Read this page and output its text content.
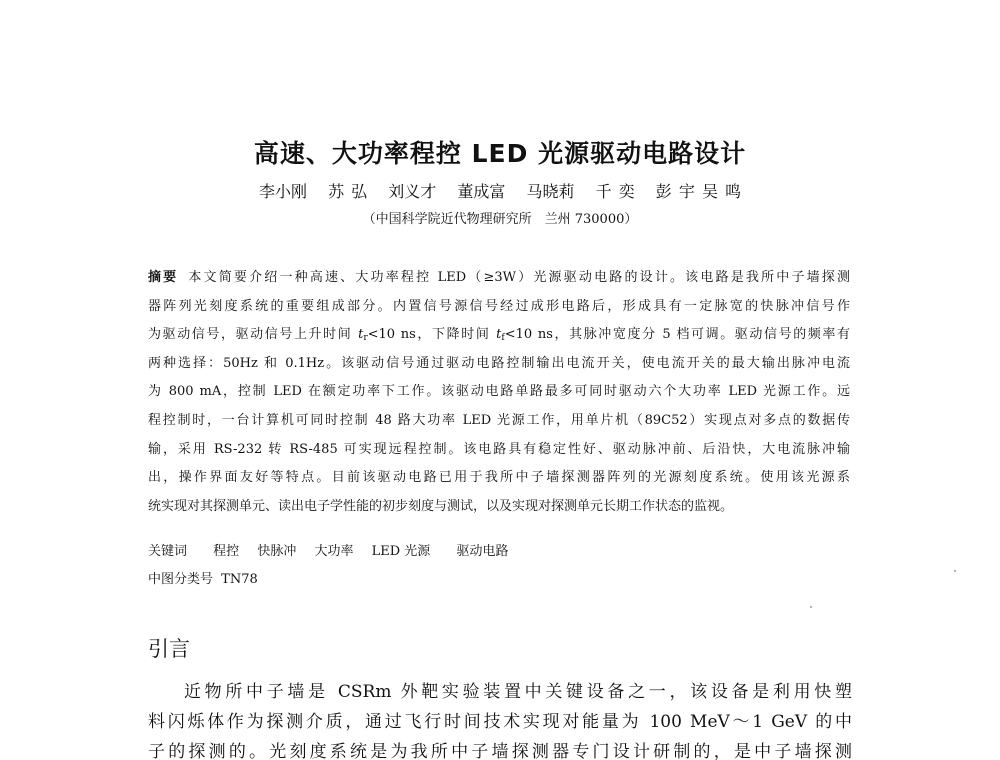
高速、大功率程控 LED 光源驱动电路设计
李小刚 苏 弘 刘义才 董成富 马晓莉 千 奕 彭 宇 吴 鸣
（中国科学院近代物理研究所　兰州 730000）
摘要 本文简要介绍一种高速、大功率程控 LED（≥3W）光源驱动电路的设计。该电路是我所中子墙探测
器阵列光刻度系统的重要组成部分。内置信号源信号经过成形电路后，形成具有一定脉宽的快脉冲信号作
为驱动信号，驱动信号上升时间 $t_r<10$ ns，下降时间 $t_f<10$ ns，其脉冲宽度分 5 档可调。驱动信号的频率有
两种选择：50Hz 和 0.1Hz。该驱动信号通过驱动电路控制输出电流开关，使电流开关的最大输出脉冲电流
为 800 mA，控制 LED 在额定功率下工作。该驱动电路单路最多可同时驱动六个大功率 LED 光源工作。远
程控制时，一台计算机可同时控制 48 路大功率 LED 光源工作，用单片机（89C52）实现点对多点的数据传
输，采用 RS-232 转 RS-485 可实现远程控制。该电路具有稳定性好、驱动脉冲前、后沿快，大电流脉冲输
出，操作界面友好等特点。目前该驱动电路已用于我所中子墙探测器阵列的光源刻度系统。使用该光源系
统实现对其探测单元、读出电子学性能的初步刻度与测试，以及实现对探测单元长期工作状态的监视。
关键词 程控 快脉冲 大功率 LED 光源 驱动电路
中图分类号 TN78
引言
近物所中子墙是 CSRm 外靶实验装置中关键设备之一，该设备是利用快塑
料闪烁体作为探测介质，通过飞行时间技术实现对能量为 100 MeV～1 GeV 的中
子的探测的。光刻度系统是为我所中子墙探测器专门设计研制的，是中子墙探测
